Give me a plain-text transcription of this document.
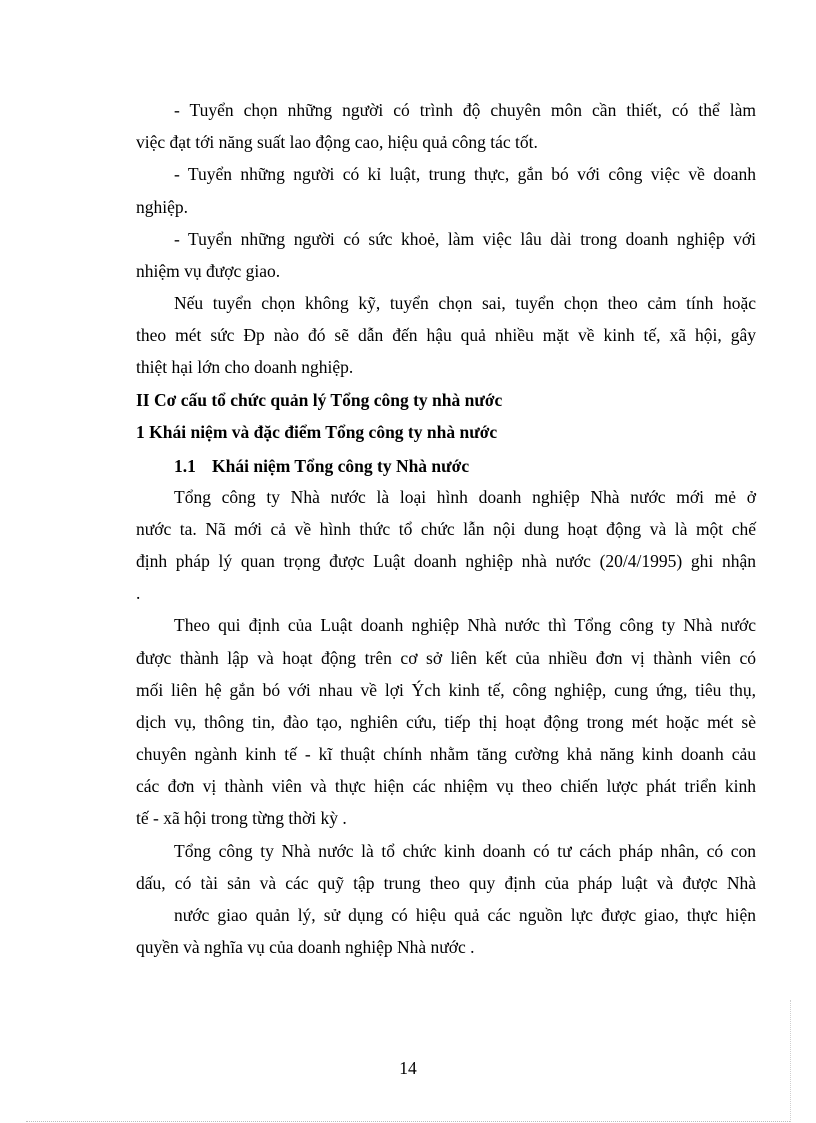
- Tuyển chọn những người có trình độ chuyên môn cần thiết, có thể làm
việc đạt tới năng suất lao động cao, hiệu quả công tác tốt.
- Tuyển những người có kỉ luật, trung thực, gắn bó với công việc về doanh
nghiệp.
- Tuyển những người có sức khoẻ, làm việc lâu dài trong doanh nghiệp với
nhiệm vụ được giao.
Nếu tuyển chọn không kỹ, tuyển chọn sai, tuyển chọn theo cảm tính hoặc
theo mét sức Ðp nào đó sẽ dẫn đến hậu quả nhiều mặt về kinh tế, xã hội, gây
thiệt hại lớn cho doanh nghiệp.
II Cơ cấu tổ chức quản lý Tổng công ty nhà nước
1 Khái niệm và đặc điểm Tổng công ty nhà nước
1.1 Khái niệm Tổng công ty Nhà nước
Tổng công ty Nhà nước là loại hình doanh nghiệp Nhà nước mới mẻ ở
nước ta. Nã mới cả về hình thức tổ chức lẫn nội dung hoạt động và là một chế
định pháp lý quan trọng được Luật doanh nghiệp nhà nước (20/4/1995) ghi nhận
.
Theo qui định của Luật doanh nghiệp Nhà nước thì Tổng công ty Nhà nước
được thành lập và hoạt động trên cơ sở liên kết của nhiều đơn vị thành viên có
mối liên hệ gắn bó với nhau về lợi Ých kinh tế, công nghiệp, cung ứng, tiêu thụ,
dịch vụ, thông tin, đào tạo, nghiên cứu, tiếp thị hoạt động trong mét hoặc mét sè
chuyên ngành kinh tế - kĩ thuật chính nhằm tăng cường khả năng kinh doanh cảu
các đơn vị thành viên và thực hiện các nhiệm vụ theo chiến lược phát triển kinh
tế - xã hội trong từng thời kỳ .
Tổng công ty Nhà nước là tổ chức kinh doanh có tư cách pháp nhân, có con
dấu, có tài sản và các quỹ tập trung theo quy định của pháp luật và được Nhà
nước giao quản lý, sử dụng có hiệu quả các nguồn lực được giao, thực hiện
quyền và nghĩa vụ của doanh nghiệp Nhà nước .
14
